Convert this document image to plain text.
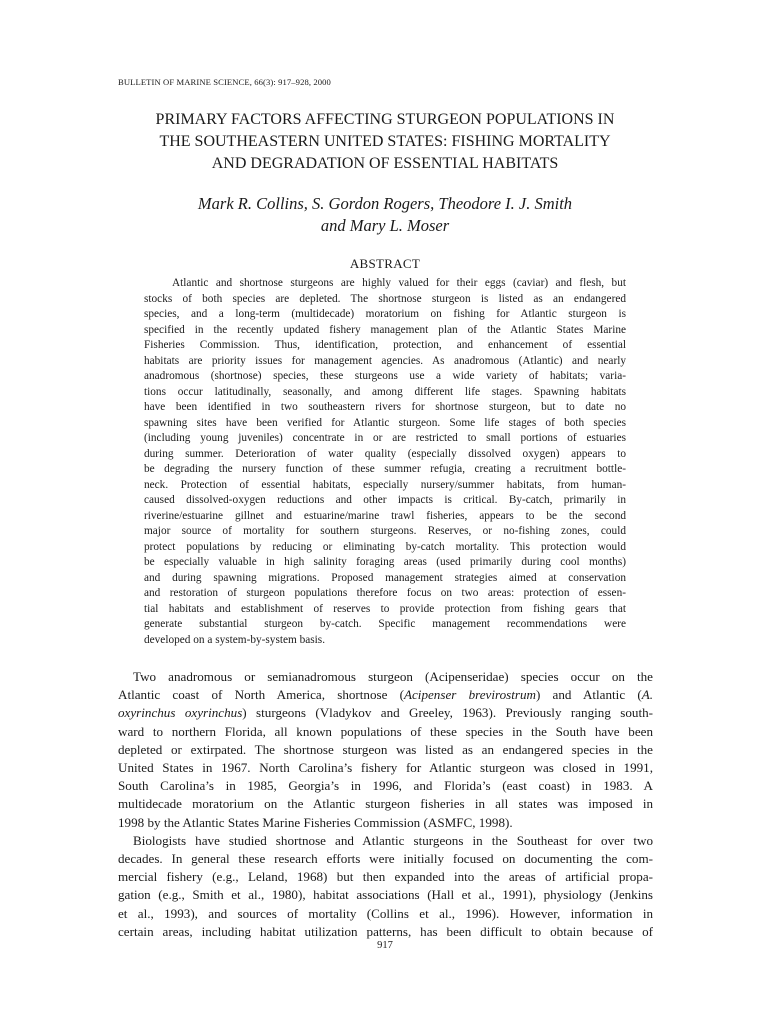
BULLETIN OF MARINE SCIENCE, 66(3): 917–928, 2000
PRIMARY FACTORS AFFECTING STURGEON POPULATIONS IN
THE SOUTHEASTERN UNITED STATES: FISHING MORTALITY
AND DEGRADATION OF ESSENTIAL HABITATS
Mark R. Collins, S. Gordon Rogers, Theodore I. J. Smith
and Mary L. Moser
ABSTRACT
Atlantic and shortnose sturgeons are highly valued for their eggs (caviar) and flesh, but
stocks of both species are depleted. The shortnose sturgeon is listed as an endangered
species, and a long-term (multidecade) moratorium on fishing for Atlantic sturgeon is
specified in the recently updated fishery management plan of the Atlantic States Marine
Fisheries Commission. Thus, identification, protection, and enhancement of essential
habitats are priority issues for management agencies. As anadromous (Atlantic) and nearly
anadromous (shortnose) species, these sturgeons use a wide variety of habitats; varia-
tions occur latitudinally, seasonally, and among different life stages. Spawning habitats
have been identified in two southeastern rivers for shortnose sturgeon, but to date no
spawning sites have been verified for Atlantic sturgeon. Some life stages of both species
(including young juveniles) concentrate in or are restricted to small portions of estuaries
during summer. Deterioration of water quality (especially dissolved oxygen) appears to
be degrading the nursery function of these summer refugia, creating a recruitment bottle-
neck. Protection of essential habitats, especially nursery/summer habitats, from human-
caused dissolved-oxygen reductions and other impacts is critical. By-catch, primarily in
riverine/estuarine gillnet and estuarine/marine trawl fisheries, appears to be the second
major source of mortality for southern sturgeons. Reserves, or no-fishing zones, could
protect populations by reducing or eliminating by-catch mortality. This protection would
be especially valuable in high salinity foraging areas (used primarily during cool months)
and during spawning migrations. Proposed management strategies aimed at conservation
and restoration of sturgeon populations therefore focus on two areas: protection of essen-
tial habitats and establishment of reserves to provide protection from fishing gears that
generate substantial sturgeon by-catch. Specific management recommendations were
developed on a system-by-system basis.
Two anadromous or semianadromous sturgeon (Acipenseridae) species occur on the
Atlantic coast of North America, shortnose (Acipenser brevirostrum) and Atlantic (A.
oxyrinchus oxyrinchus) sturgeons (Vladykov and Greeley, 1963). Previously ranging south-
ward to northern Florida, all known populations of these species in the South have been
depleted or extirpated. The shortnose sturgeon was listed as an endangered species in the
United States in 1967. North Carolina’s fishery for Atlantic sturgeon was closed in 1991,
South Carolina’s in 1985, Georgia’s in 1996, and Florida’s (east coast) in 1983. A
multidecade moratorium on the Atlantic sturgeon fisheries in all states was imposed in
1998 by the Atlantic States Marine Fisheries Commission (ASMFC, 1998).
Biologists have studied shortnose and Atlantic sturgeons in the Southeast for over two
decades. In general these research efforts were initially focused on documenting the com-
mercial fishery (e.g., Leland, 1968) but then expanded into the areas of artificial propa-
gation (e.g., Smith et al., 1980), habitat associations (Hall et al., 1991), physiology (Jenkins
et al., 1993), and sources of mortality (Collins et al., 1996). However, information in
certain areas, including habitat utilization patterns, has been difficult to obtain because of
917
